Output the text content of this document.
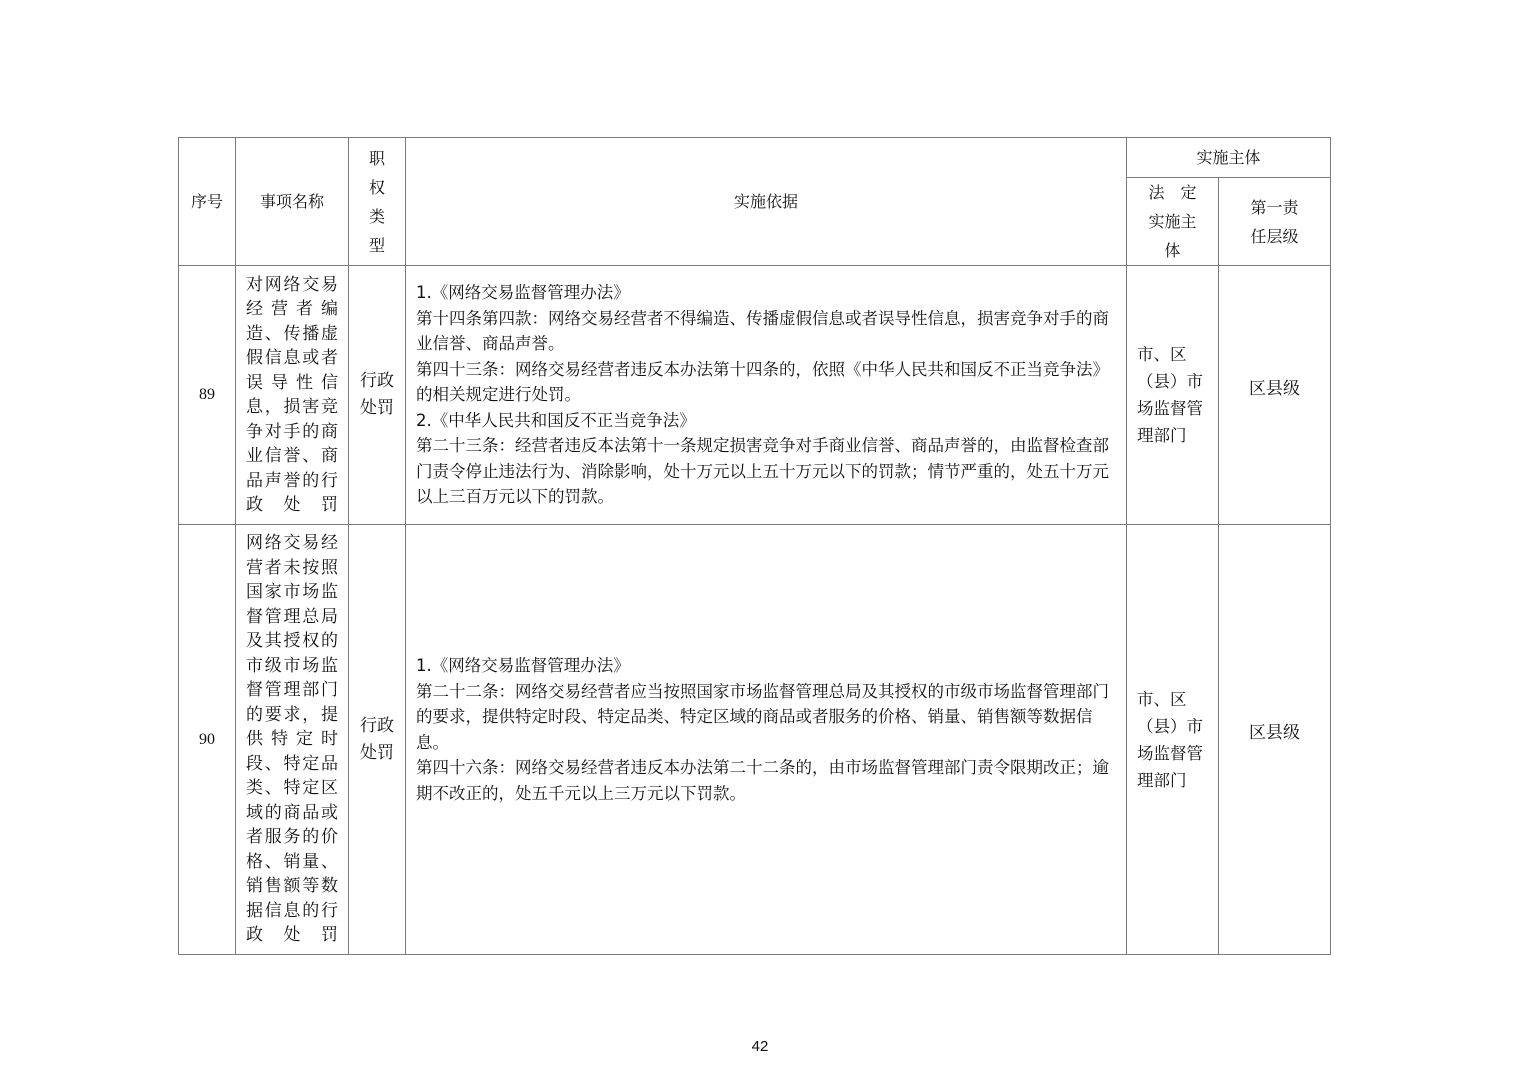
序号	事项名称	职权类型	实施依据	实施主体	
				法　定实施主体	第一责任层级
89	对网络交易经营者编造、传播虚假信息或者误导性信息，损害竞争对手的商业信誉、商品声誉的行政处罚	行政处罚	1.《网络交易监督管理办法》
第十四条第四款：网络交易经营者不得编造、传播虚假信息或者误导性信息，损害竞争对手的商业信誉、商品声誉。
第四十三条：网络交易经营者违反本办法第十四条的，依照《中华人民共和国反不正当竞争法》的相关规定进行处罚。
2.《中华人民共和国反不正当竞争法》
第二十三条：经营者违反本法第十一条规定损害竞争对手商业信誉、商品声誉的，由监督检查部门责令停止违法行为、消除影响，处十万元以上五十万元以下的罚款；情节严重的，处五十万元以上三百万元以下的罚款。	市、区（县）市场监督管理部门	区县级

90	网络交易经营者未按照国家市场监督管理总局及其授权的市级市场监督管理部门的要求，提供特定时段、特定品类、特定区域的商品或者服务的价格、销量、销售额等数据信息的行政处罚	行政处罚	1.《网络交易监督管理办法》
第二十二条：网络交易经营者应当按照国家市场监督管理总局及其授权的市级市场监督管理部门的要求，提供特定时段、特定品类、特定区域的商品或者服务的价格、销量、销售额等数据信息。
第四十六条：网络交易经营者违反本办法第二十二条的，由市场监督管理部门责令限期改正；逾期不改正的，处五千元以上三万元以下罚款。	市、区（县）市场监督管理部门	区县级
42
